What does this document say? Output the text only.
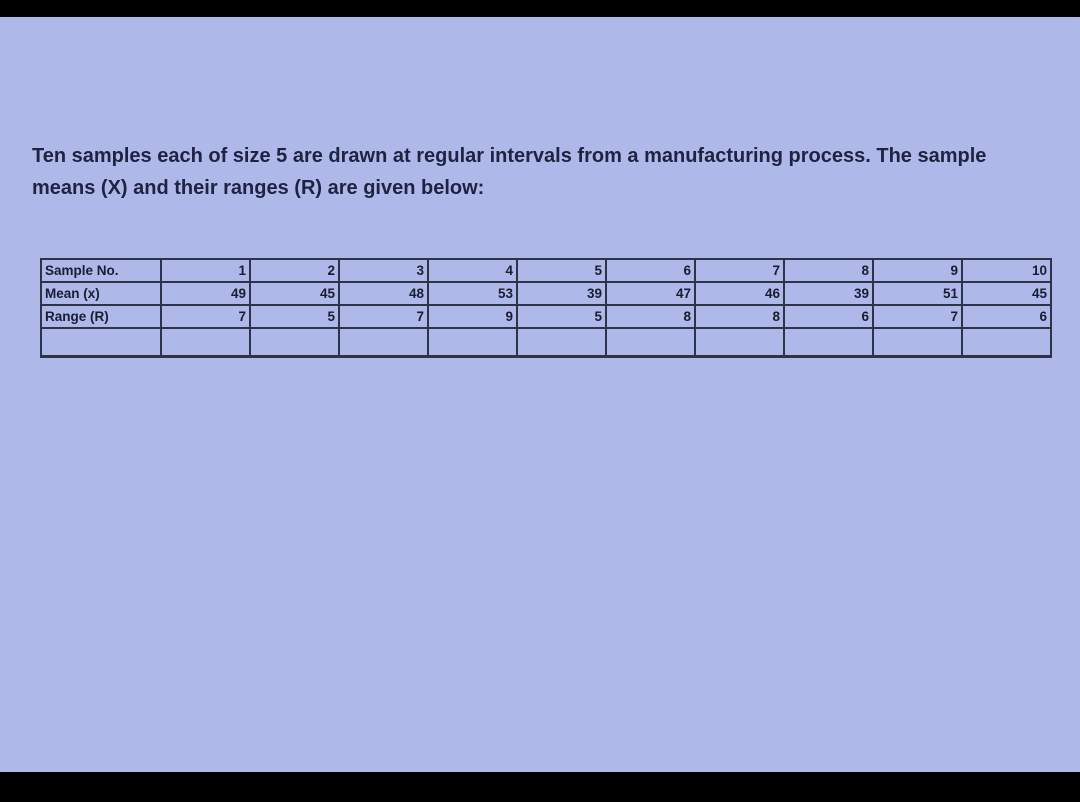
Ten samples each of size 5 are drawn at regular intervals from a manufacturing process. The sample
means (X) and their ranges (R) are given below:

Sample No.	1	2	3	4	5	6	7	8	9	10
Mean (x)	49	45	48	53	39	47	46	39	51	45
Range (R)	7	5	7	9	5	8	8	6	7	6
